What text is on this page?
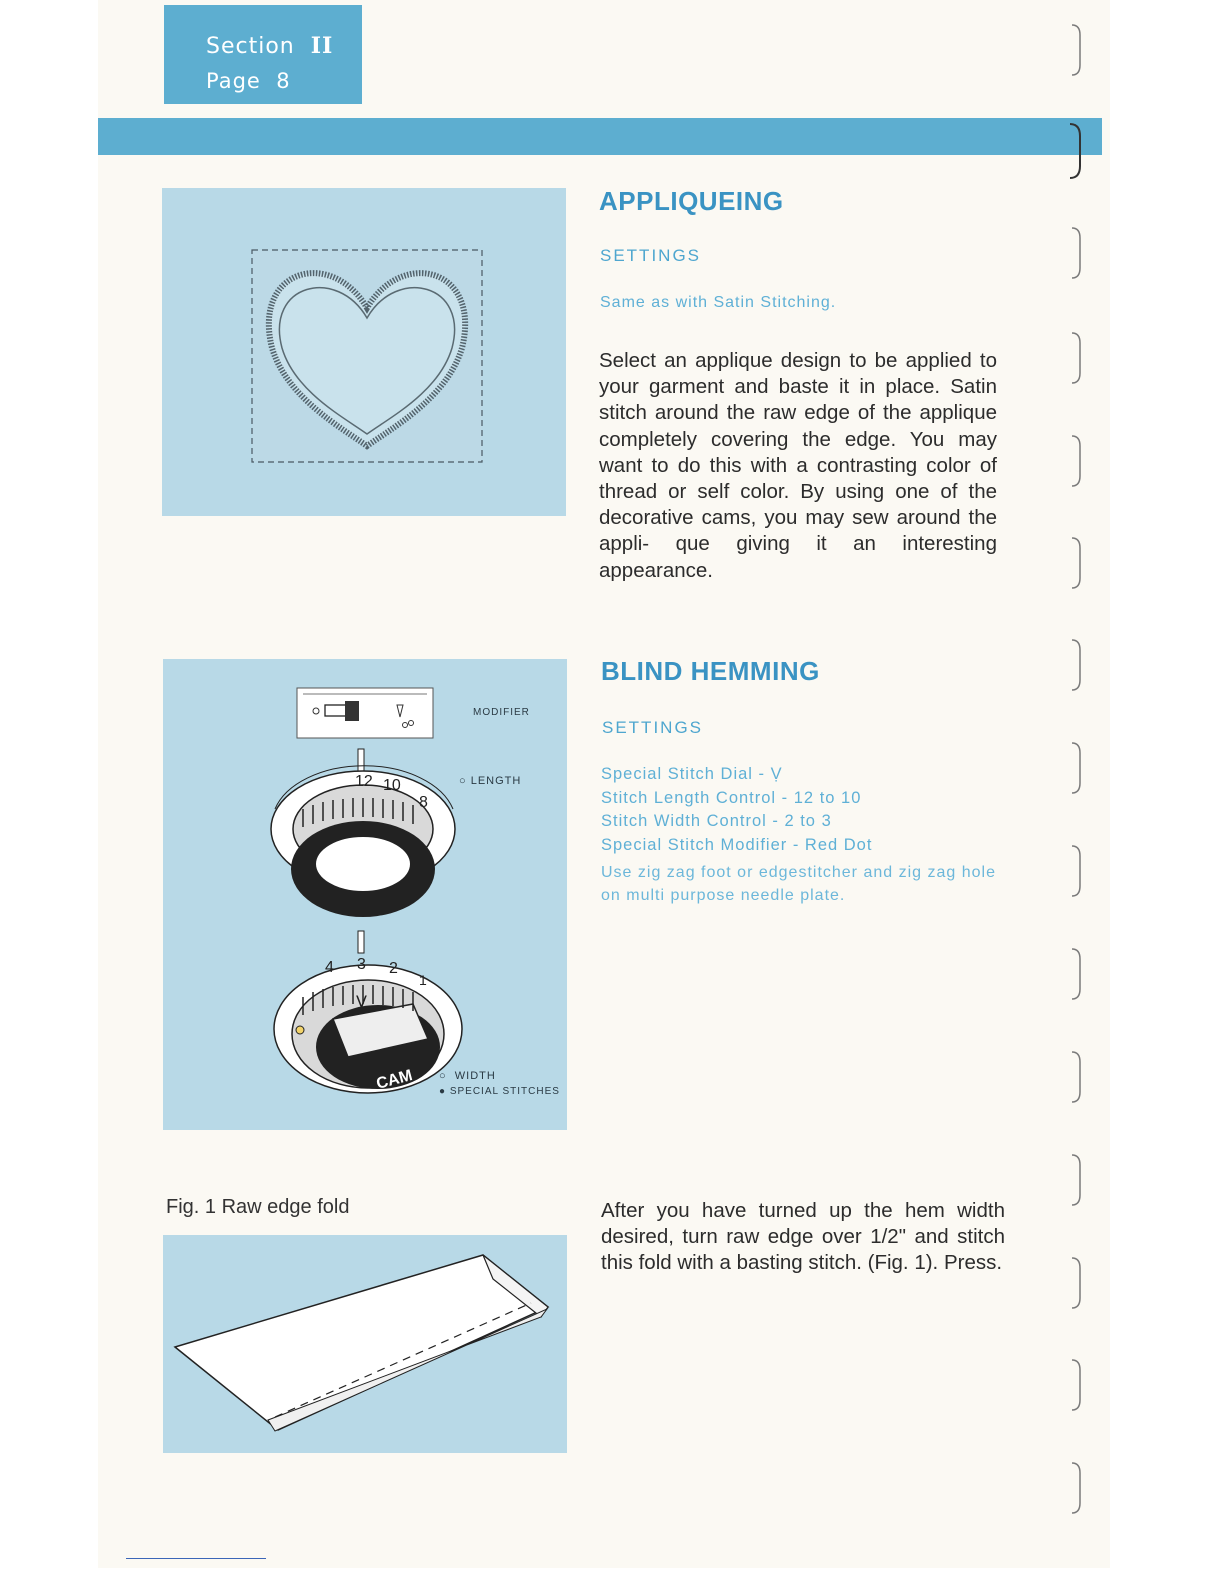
Section II
Page 8
APPLIQUEING
SETTINGS
Same as with Satin Stitching.
Select an applique design to be applied to your garment and baste it in place. Satin stitch around the raw edge of the applique completely covering the edge. You may want to do this with a contrasting color of thread or self color. By using one of the decorative cams, you may sew around the appli- que giving it an interesting appearance.
12 10
8
4 3 2
1
Ṿ
CAM
MODIFIER
○ LENGTH
○  WIDTH
● SPECIAL STITCHES
BLIND HEMMING
SETTINGS
Special Stitch Dial - Ṿ
Stitch Length Control - 12 to 10
Stitch Width Control - 2 to 3
Special Stitch Modifier - Red Dot
Use zig zag foot or edgestitcher and zig zag hole on multi purpose needle plate.
Fig. 1 Raw edge fold	After you have turned up the hem width desired, turn raw edge over 1/2" and stitch this fold with a basting stitch. (Fig. 1). Press.
